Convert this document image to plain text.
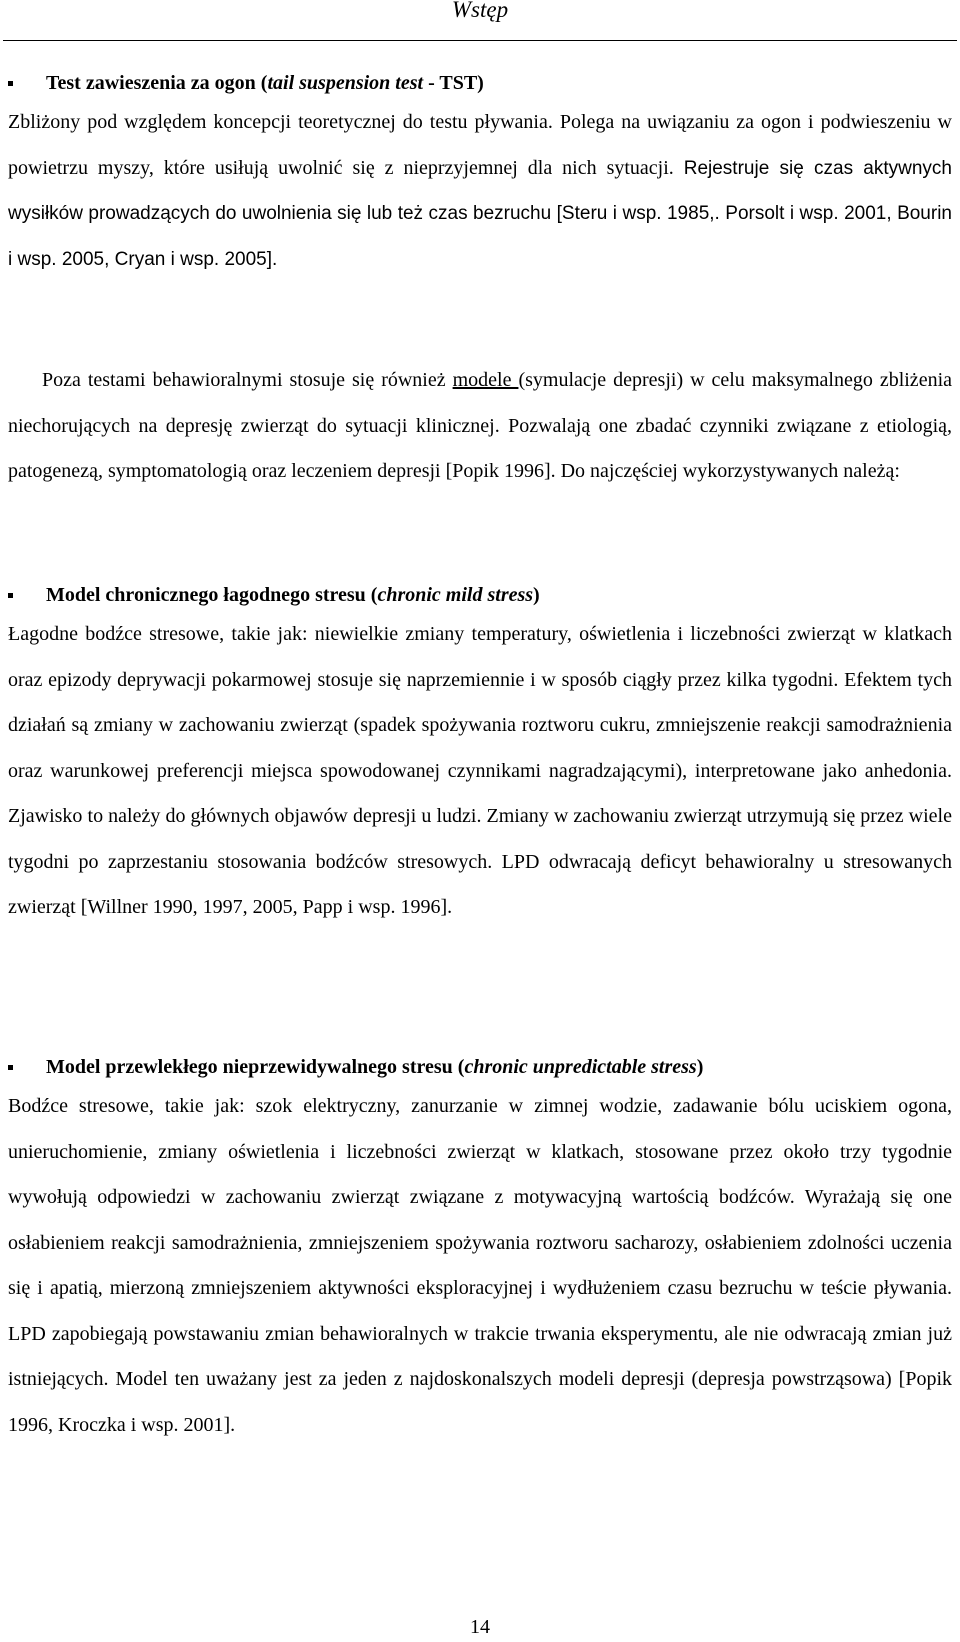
Wstęp

Test zawieszenia za ogon (tail suspension test - TST)

Zbliżony pod względem koncepcji teoretycznej do testu pływania. Polega na uwiązaniu za ogon i podwieszeniu w powietrzu myszy, które usiłują uwolnić się z nieprzyjemnej dla nich sytuacji. Rejestruje się czas aktywnych wysiłków prowadzących do uwolnienia się lub też czas bezruchu [Steru i wsp. 1985,. Porsolt i wsp. 2001, Bourin i wsp. 2005, Cryan i wsp. 2005].

Poza testami behawioralnymi stosuje się również modele (symulacje depresji) w celu maksymalnego zbliżenia niechorujących na depresję zwierząt do sytuacji klinicznej. Pozwalają one zbadać czynniki związane z etiologią, patogenezą, symptomatologią oraz leczeniem depresji [Popik 1996]. Do najczęściej wykorzystywanych należą:

Model chronicznego łagodnego stresu (chronic mild stress)

Łagodne bodźce stresowe, takie jak: niewielkie zmiany temperatury, oświetlenia i liczebności zwierząt w klatkach oraz epizody deprywacji pokarmowej stosuje się naprzemiennie i w sposób ciągły przez kilka tygodni. Efektem tych działań są zmiany w zachowaniu zwierząt (spadek spożywania roztworu cukru, zmniejszenie reakcji samodrażnienia oraz warunkowej preferencji miejsca spowodowanej czynnikami nagradzającymi), interpretowane jako anhedonia. Zjawisko to należy do głównych objawów depresji u ludzi. Zmiany w zachowaniu zwierząt utrzymują się przez wiele tygodni po zaprzestaniu stosowania bodźców stresowych. LPD odwracają deficyt behawioralny u stresowanych zwierząt [Willner 1990, 1997, 2005, Papp i wsp. 1996].

Model przewlekłego nieprzewidywalnego stresu (chronic unpredictable stress)

Bodźce stresowe, takie jak: szok elektryczny, zanurzanie w zimnej wodzie, zadawanie bólu uciskiem ogona, unieruchomienie, zmiany oświetlenia i liczebności zwierząt w klatkach, stosowane przez około trzy tygodnie wywołują odpowiedzi w zachowaniu zwierząt związane z motywacyjną wartością bodźców. Wyrażają się one osłabieniem reakcji samodrażnienia, zmniejszeniem spożywania roztworu sacharozy, osłabieniem zdolności uczenia się i apatią, mierzoną zmniejszeniem aktywności eksploracyjnej i wydłużeniem czasu bezruchu w teście pływania. LPD zapobiegają powstawaniu zmian behawioralnych w trakcie trwania eksperymentu, ale nie odwracają zmian już istniejących. Model ten uważany jest za jeden z najdoskonalszych modeli depresji (depresja powstrząsowa) [Popik 1996, Kroczka i wsp. 2001].

14
